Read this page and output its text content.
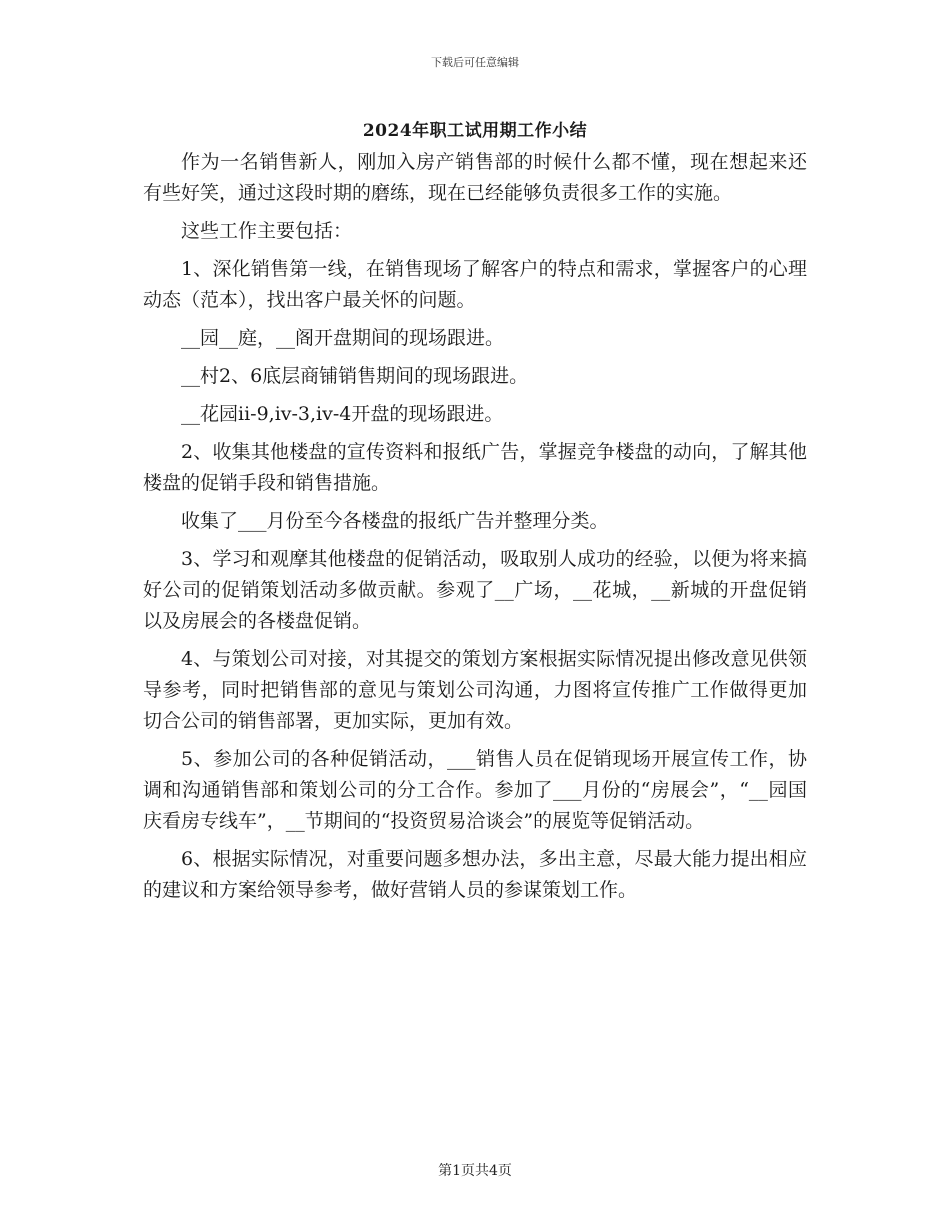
下载后可任意编辑
2024年职工试用期工作小结

作为一名销售新人，刚加入房产销售部的时候什么都不懂，现在想起来还有些好笑，通过这段时期的磨练，现在已经能够负责很多工作的实施。

这些工作主要包括：

1、深化销售第一线，在销售现场了解客户的特点和需求，掌握客户的心理动态（范本），找出客户最关怀的问题。

__园__庭，__阁开盘期间的现场跟进。

__村2、6底层商铺销售期间的现场跟进。

__花园ii-9,iv-3,iv-4开盘的现场跟进。

2、收集其他楼盘的宣传资料和报纸广告，掌握竞争楼盘的动向，了解其他楼盘的促销手段和销售措施。

收集了___月份至今各楼盘的报纸广告并整理分类。

3、学习和观摩其他楼盘的促销活动，吸取别人成功的经验，以便为将来搞好公司的促销策划活动多做贡献。参观了__广场，__花城，__新城的开盘促销以及房展会的各楼盘促销。

4、与策划公司对接，对其提交的策划方案根据实际情况提出修改意见供领导参考，同时把销售部的意见与策划公司沟通，力图将宣传推广工作做得更加切合公司的销售部署，更加实际，更加有效。

5、参加公司的各种促销活动，___销售人员在促销现场开展宣传工作，协调和沟通销售部和策划公司的分工合作。参加了___月份的“房展会”，“__园国庆看房专线车”，__节期间的“投资贸易洽谈会”的展览等促销活动。

6、根据实际情况，对重要问题多想办法，多出主意，尽最大能力提出相应的建议和方案给领导参考，做好营销人员的参谋策划工作。

第1页共4页
